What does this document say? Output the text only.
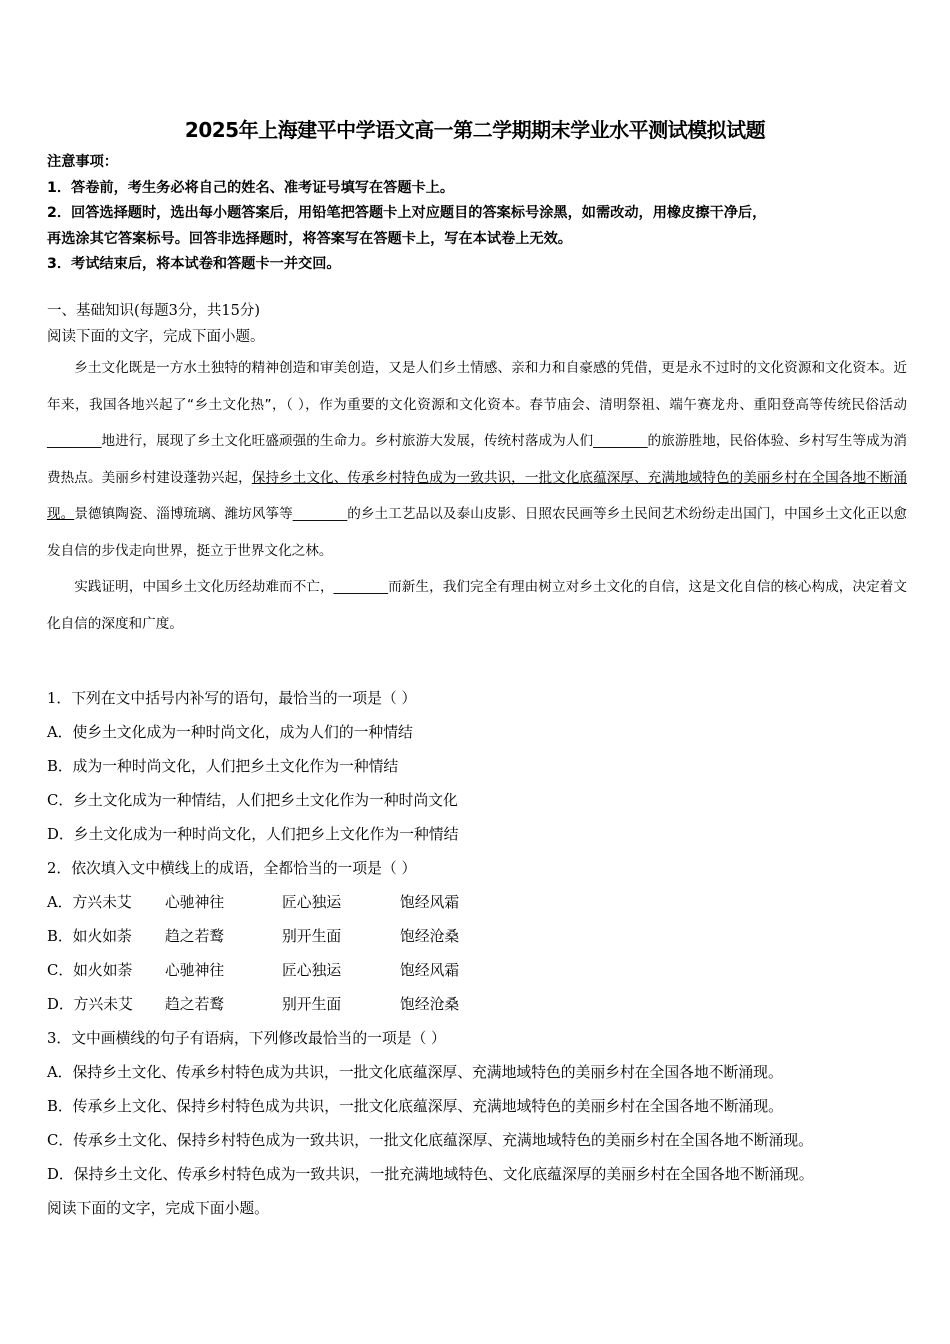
2025年上海建平中学语文高一第二学期期末学业水平测试模拟试题
注意事项：
1．答卷前，考生务必将自己的姓名、准考证号填写在答题卡上。
2．回答选择题时，选出每小题答案后，用铅笔把答题卡上对应题目的答案标号涂黑，如需改动，用橡皮擦干净后，
再选涂其它答案标号。回答非选择题时，将答案写在答题卡上，写在本试卷上无效。
3．考试结束后，将本试卷和答题卡一并交回。
一、基础知识(每题3分，共15分)
阅读下面的文字，完成下面小题。

乡土文化既是一方水土独特的精神创造和审美创造，又是人们乡土情感、亲和力和自豪感的凭借，更是永不过时的文化资源和文化资本。近年来，我国各地兴起了“乡土文化热”，（ ），作为重要的文化资源和文化资本。春节庙会、清明祭祖、端午赛龙舟、重阳登高等传统民俗活动________地进行，展现了乡土文化旺盛顽强的生命力。乡村旅游大发展，传统村落成为人们________的旅游胜地，民俗体验、乡村写生等成为消费热点。美丽乡村建设蓬勃兴起，保持乡土文化、传承乡村特色成为一致共识，一批文化底蕴深厚、充满地域特色的美丽乡村在全国各地不断涌现。景德镇陶瓷、淄博琉璃、潍坊风筝等________的乡土工艺品以及泰山皮影、日照农民画等乡土民间艺术纷纷走出国门，中国乡土文化正以愈发自信的步伐走向世界，挺立于世界文化之林。

实践证明，中国乡土文化历经劫难而不亡，________而新生，我们完全有理由树立对乡土文化的自信，这是文化自信的核心构成，决定着文化自信的深度和广度。

1．下列在文中括号内补写的语句，最恰当的一项是（ ）
A．使乡土文化成为一种时尚文化，成为人们的一种情结
B．成为一种时尚文化，人们把乡土文化作为一种情结
C．乡土文化成为一种情结，人们把乡土文化作为一种时尚文化
D．乡土文化成为一种时尚文化，人们把乡上文化作为一种情结
2．依次填入文中横线上的成语，全都恰当的一项是（ ）
A．方兴未艾 心驰神往	匠心独运	饱经风霜
B．如火如荼 趋之若鹜	别开生面	饱经沧桑
C．如火如荼 心驰神往	匠心独运	饱经风霜
D．方兴未艾 趋之若鹜	别开生面	饱经沧桑
3．文中画横线的句子有语病，下列修改最恰当的一项是（ ）
A．保持乡土文化、传承乡村特色成为共识，一批文化底蕴深厚、充满地域特色的美丽乡村在全国各地不断涌现。
B．传承乡上文化、保持乡村特色成为共识，一批文化底蕴深厚、充满地域特色的美丽乡村在全国各地不断涌现。
C．传承乡土文化、保持乡村特色成为一致共识，一批文化底蕴深厚、充满地域特色的美丽乡村在全国各地不断涌现。
D．保持乡土文化、传承乡村特色成为一致共识，一批充满地域特色、文化底蕴深厚的美丽乡村在全国各地不断涌现。
阅读下面的文字，完成下面小题。
